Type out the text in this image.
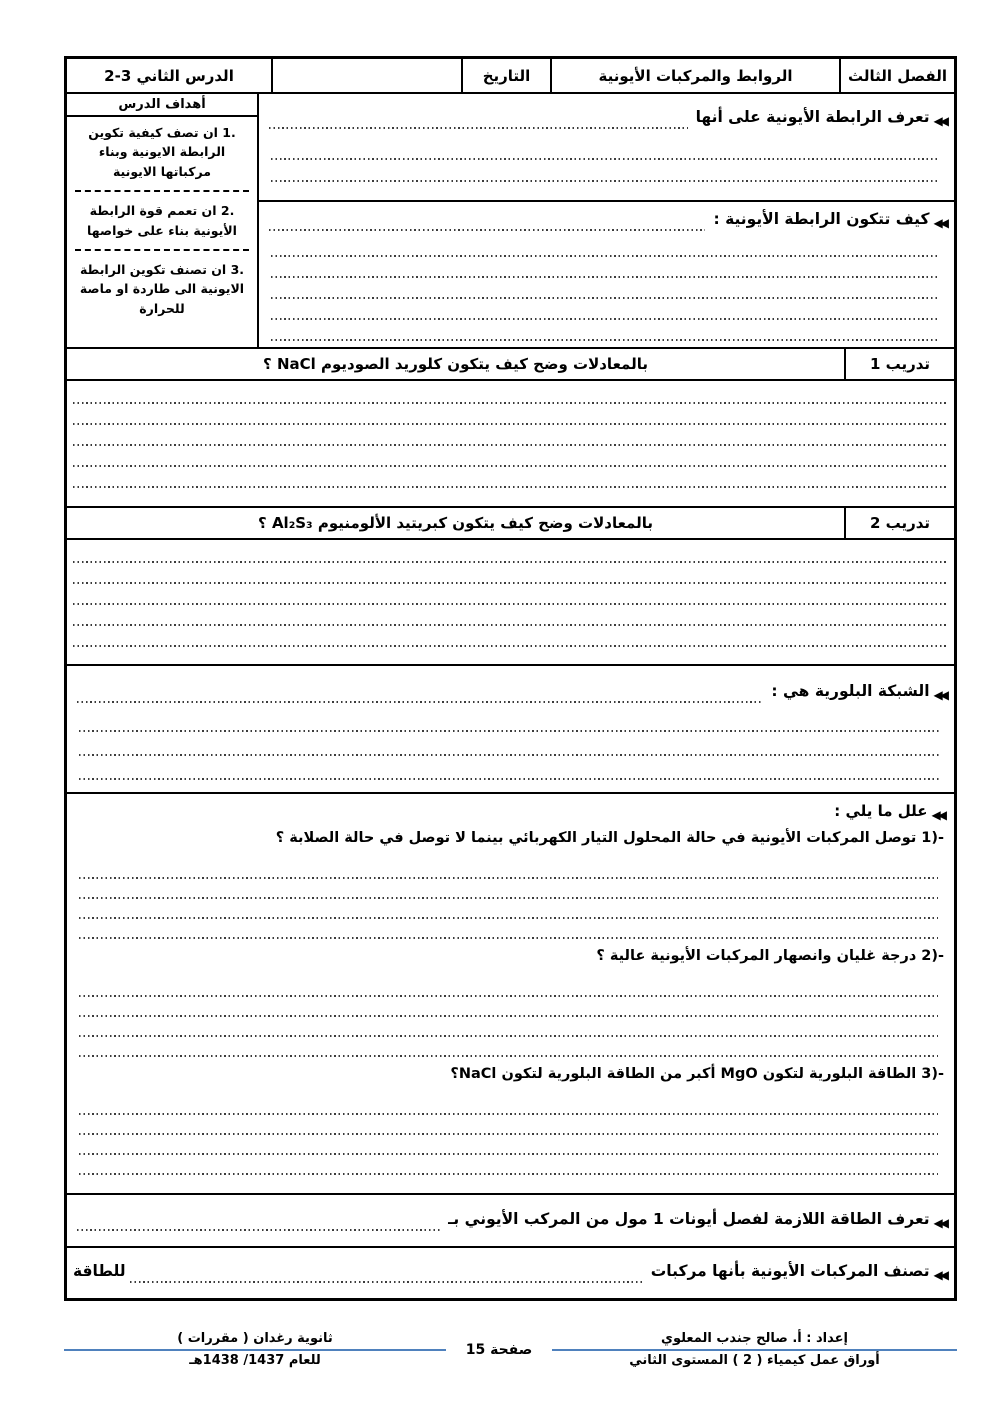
الفصل الثالث
الروابط والمركبات الأيونية
التاريخ
الدرس الثاني 3-2
◀◀
تعرف الرابطة الأيونية على أنها
◀◀
كيف تتكون الرابطة الأيونية :
أهداف الدرس
1. ان تصف كيفية تكوين الرابطة الايونية وبناء مركباتها الايونية
2. ان تعمم قوة الرابطة الأيونية بناء على خواصها
3. ان تصنف تكوين الرابطة الايونية الى طاردة او ماصة للحرارة
تدريب 1
بالمعادلات وضح كيف يتكون كلوريد الصوديوم NaCl ؟
تدريب 2
بالمعادلات وضح كيف يتكون كبريتيد الألومنيوم Al₂S₃ ؟
◀◀
الشبكة البلورية هي :
◀◀
علل ما يلي :
1)-
توصل المركبات الأيونية في حالة المحلول التيار الكهربائي بينما لا توصل في حالة الصلابة ؟
2)-
درجة غليان وانصهار المركبات الأيونية عالية ؟
3)-
الطاقة البلورية لتكون MgO أكبر من الطاقة البلورية لتكون NaCl؟
◀◀
تعرف الطاقة اللازمة لفصل أيونات 1 مول من المركب الأيوني بـ
◀◀
تصنف المركبات الأيونية بأنها مركبات
للطاقة
إعداد : أ. صالح جندب المعلوي
أوراق عمل كيمياء ( 2 ) المستوى الثاني
صفحة 15
ثانوية رغدان ( مقررات )
للعام 1437/ 1438هـ
